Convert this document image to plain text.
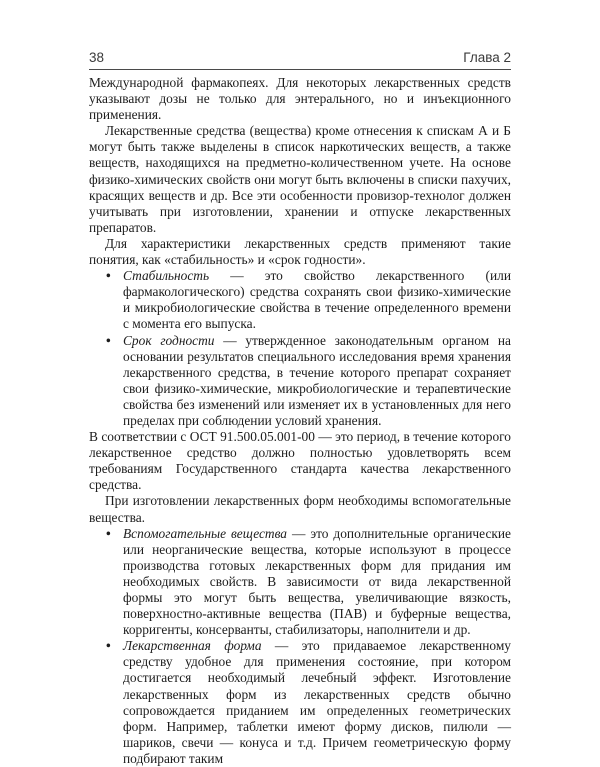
38	Глава 2

Международной фармакопеях. Для некоторых лекарственных средств указывают дозы не только для энтерального, но и инъекционного применения.

Лекарственные средства (вещества) кроме отнесения к спискам А и Б могут быть также выделены в список наркотических веществ, а также веществ, находящихся на предметно-количественном учете. На основе физико-химических свойств они могут быть включены в списки пахучих, красящих веществ и др. Все эти особенности провизор-технолог должен учитывать при изготовлении, хранении и отпуске лекарственных препаратов.

Для характеристики лекарственных средств применяют такие понятия, как «стабильность» и «срок годности».

• Стабильность — это свойство лекарственного (или фармакологического) средства сохранять свои физико-химические и микробиологические свойства в течение определенного времени с момента его выпуска.
• Срок годности — утвержденное законодательным органом на основании результатов специального исследования время хранения лекарственного средства, в течение которого препарат сохраняет свои физико-химические, микробиологические и терапевтические свойства без изменений или изменяет их в установленных для него пределах при соблюдении условий хранения.

В соответствии с ОСТ 91.500.05.001-00 — это период, в течение которого лекарственное средство должно полностью удовлетворять всем требованиям Государственного стандарта качества лекарственного средства.

При изготовлении лекарственных форм необходимы вспомогательные вещества.

• Вспомогательные вещества — это дополнительные органические или неорганические вещества, которые используют в процессе производства готовых лекарственных форм для придания им необходимых свойств. В зависимости от вида лекарственной формы это могут быть вещества, увеличивающие вязкость, поверхностно-активные вещества (ПАВ) и буферные вещества, корригенты, консерванты, стабилизаторы, наполнители и др.
• Лекарственная форма — это придаваемое лекарственному средству удобное для применения состояние, при котором достигается необходимый лечебный эффект. Изготовление лекарственных форм из лекарственных средств обычно сопровождается приданием им определенных геометрических форм. Например, таблетки имеют форму дисков, пилюли — шариков, свечи — конуса и т.д. Причем геометрическую форму подбирают таким
